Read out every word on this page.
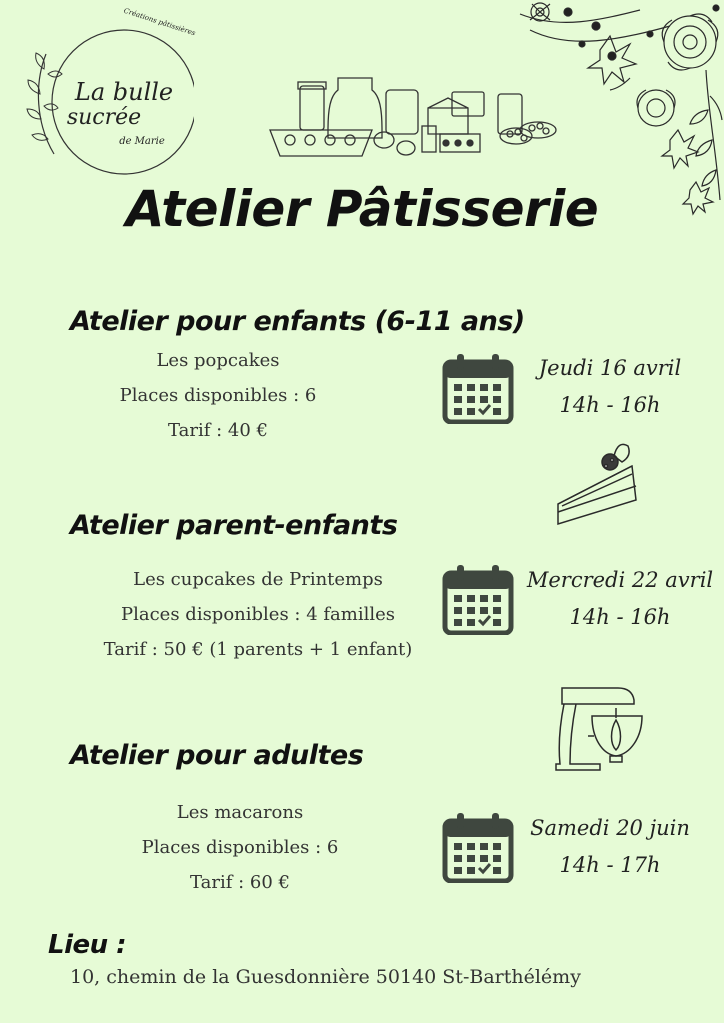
Créations pâtissières
La bulle
sucrée
de Marie
Atelier Pâtisserie
Atelier pour enfants (6-11 ans)
Les popcakes
Places disponibles : 6
Tarif : 40 €
Jeudi 16 avril
14h - 16h
Atelier parent-enfants
Les cupcakes de Printemps
Places disponibles : 4 familles
Tarif : 50 € (1 parents + 1 enfant)
Mercredi 22 avril
14h - 16h
Atelier pour adultes
Les macarons
Places disponibles : 6
Tarif : 60 €
Samedi 20 juin
14h - 17h
Lieu :
10, chemin de la Guesdonnière 50140 St-Barthélémy
